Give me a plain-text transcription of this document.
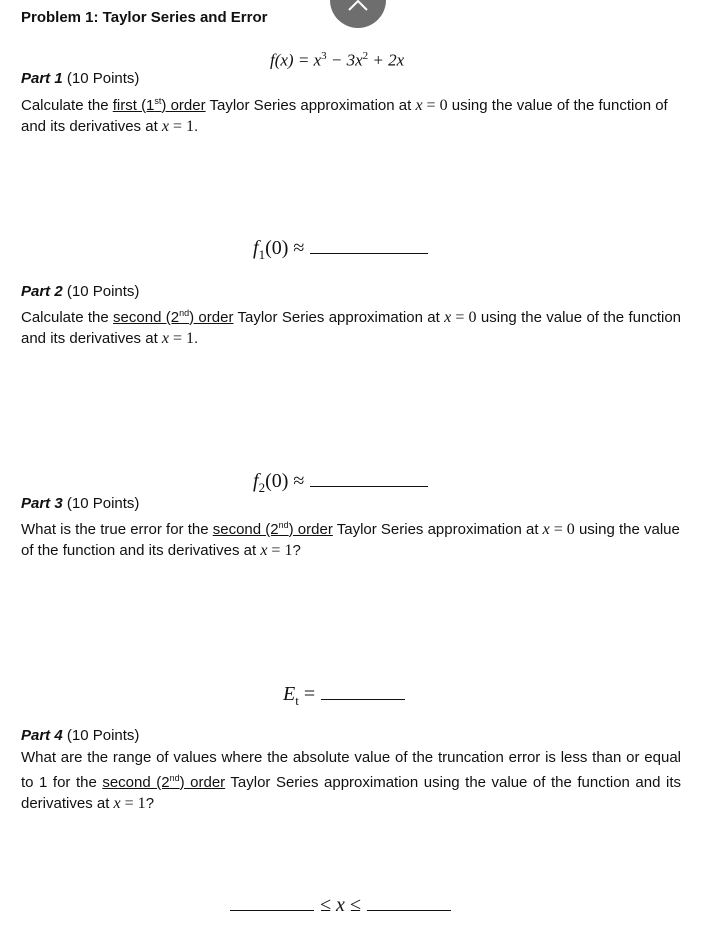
Problem 1: Taylor Series and Error
$f(x) = x^3 - 3x^2 + 2x$
Part 1 (10 Points)
Calculate the first (1st) order Taylor Series approximation at x = 0 using the value of the function of and its derivatives at x = 1.
$f_1(0)$ ≈
Part 2 (10 Points)
Calculate the second (2nd) order Taylor Series approximation at x = 0 using the value of the function and its derivatives at x = 1.
$f_2(0)$ ≈
Part 3 (10 Points)
What is the true error for the second (2nd) order Taylor Series approximation at x = 0 using the value of the function and its derivatives at x = 1?
$E_t$ =
Part 4 (10 Points)
What are the range of values where the absolute value of the truncation error is less than or equal to 1 for the second (2nd) order Taylor Series approximation using the value of the function and its derivatives at x = 1?
≤ x ≤
